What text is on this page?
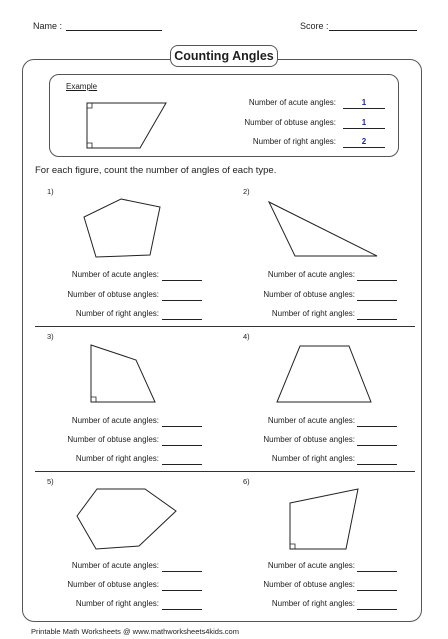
Name :	Score :
Counting Angles
Example
Number of acute angles:	1
Number of obtuse angles:	1
Number of right angles:	2
For each figure, count the number of angles of each type.
1)
Number of acute angles:
Number of obtuse angles:
Number of right angles:
2)
Number of acute angles:
Number of obtuse angles:
Number of right angles:
3)
Number of acute angles:
Number of obtuse angles:
Number of right angles:
4)
Number of acute angles:
Number of obtuse angles:
Number of right angles:
5)
Number of acute angles:
Number of obtuse angles:
Number of right angles:
6)
Number of acute angles:
Number of obtuse angles:
Number of right angles:
Printable Math Worksheets @ www.mathworksheets4kids.com
